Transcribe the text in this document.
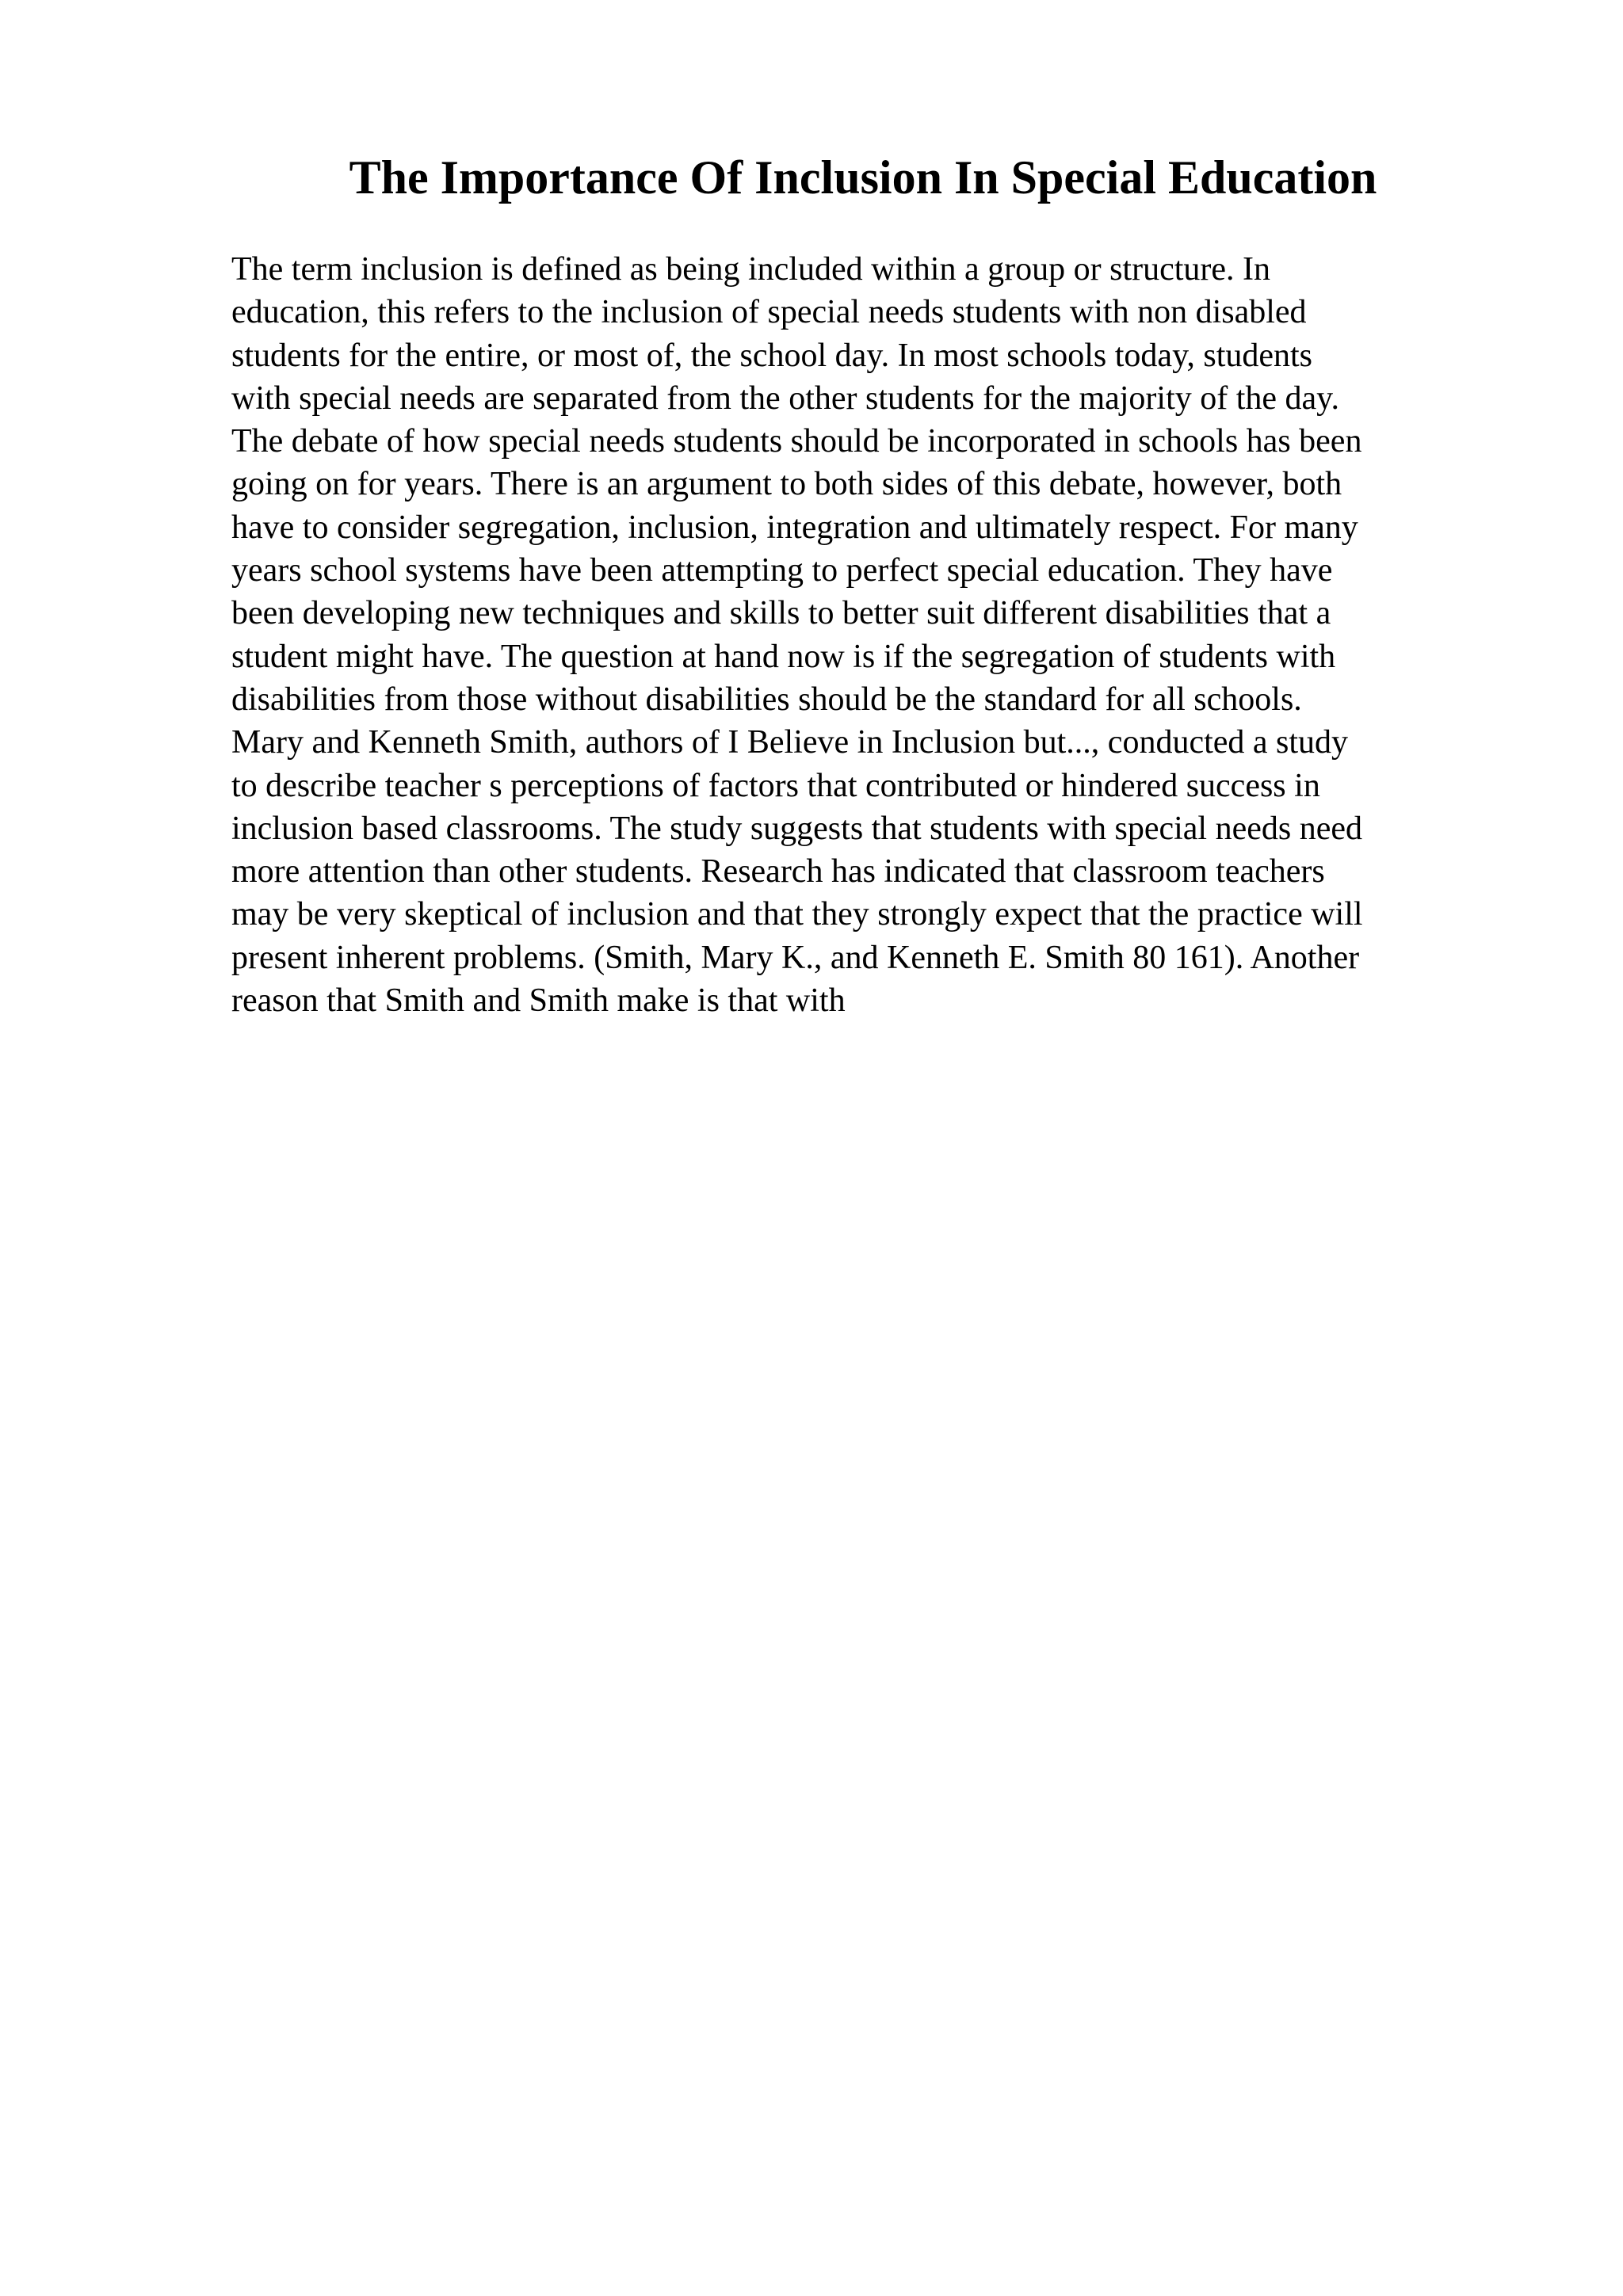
The Importance Of Inclusion In Special Education
The term inclusion is defined as being included within a group or structure. In
education, this refers to the inclusion of special needs students with non disabled
students for the entire, or most of, the school day. In most schools today, students
with special needs are separated from the other students for the majority of the day.
The debate of how special needs students should be incorporated in schools has been
going on for years. There is an argument to both sides of this debate, however, both
have to consider segregation, inclusion, integration and ultimately respect. For many
years school systems have been attempting to perfect special education. They have
been developing new techniques and skills to better suit different disabilities that a
student might have. The question at hand now is if the segregation of students with
disabilities from those without disabilities should be the standard for all schools.
Mary and Kenneth Smith, authors of I Believe in Inclusion but..., conducted a study
to describe teacher s perceptions of factors that contributed or hindered success in
inclusion based classrooms. The study suggests that students with special needs need
more attention than other students. Research has indicated that classroom teachers
may be very skeptical of inclusion and that they strongly expect that the practice will
present inherent problems. (Smith, Mary K., and Kenneth E. Smith 80 161). Another
reason that Smith and Smith make is that with
